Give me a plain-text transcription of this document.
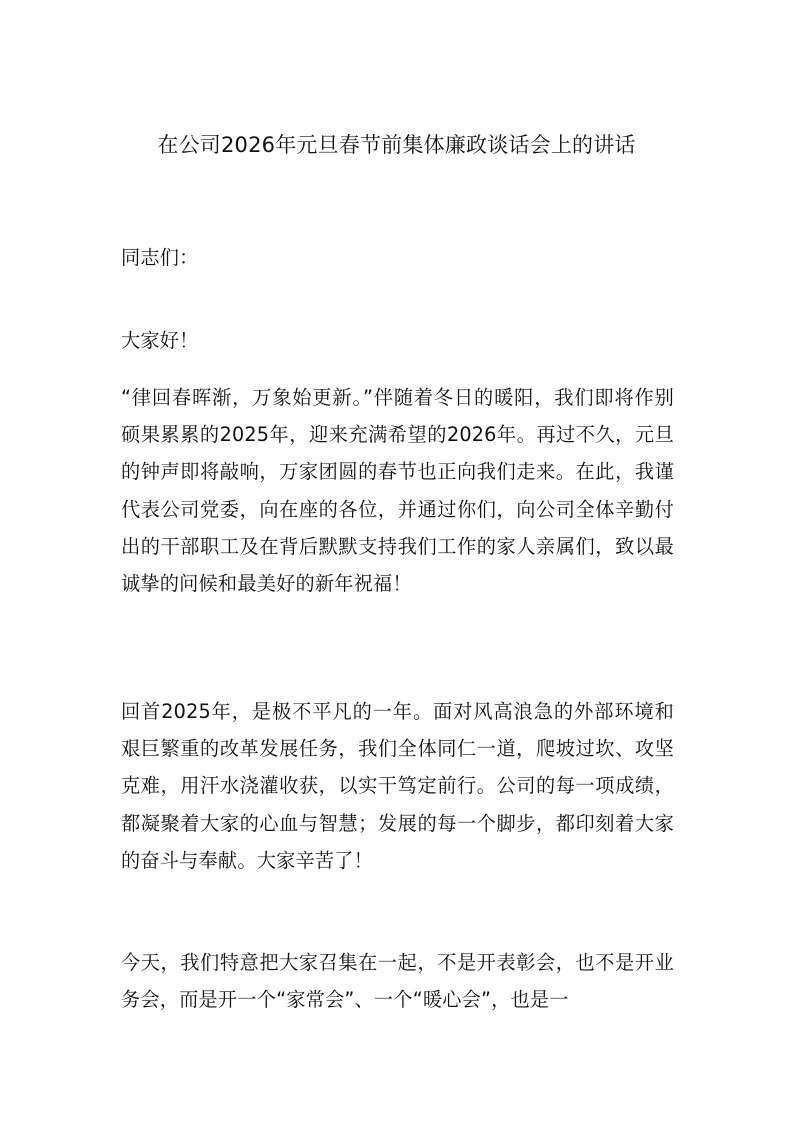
在公司2026年元旦春节前集体廉政谈话会上的讲话

同志们：

大家好！

“律回春晖渐，万象始更新。”伴随着冬日的暖阳，我们即将作别硕果累累的2025年，迎来充满希望的2026年。再过不久，元旦的钟声即将敲响，万家团圆的春节也正向我们走来。在此，我谨代表公司党委，向在座的各位，并通过你们，向公司全体辛勤付出的干部职工及在背后默默支持我们工作的家人亲属们，致以最诚挚的问候和最美好的新年祝福！

回首2025年，是极不平凡的一年。面对风高浪急的外部环境和艰巨繁重的改革发展任务，我们全体同仁一道，爬坡过坎、攻坚克难，用汗水浇灌收获，以实干笃定前行。公司的每一项成绩，都凝聚着大家的心血与智慧；发展的每一个脚步，都印刻着大家的奋斗与奉献。大家辛苦了！

今天，我们特意把大家召集在一起，不是开表彰会，也不是开业务会，而是开一个“家常会”、一个“暖心会”，也是一
